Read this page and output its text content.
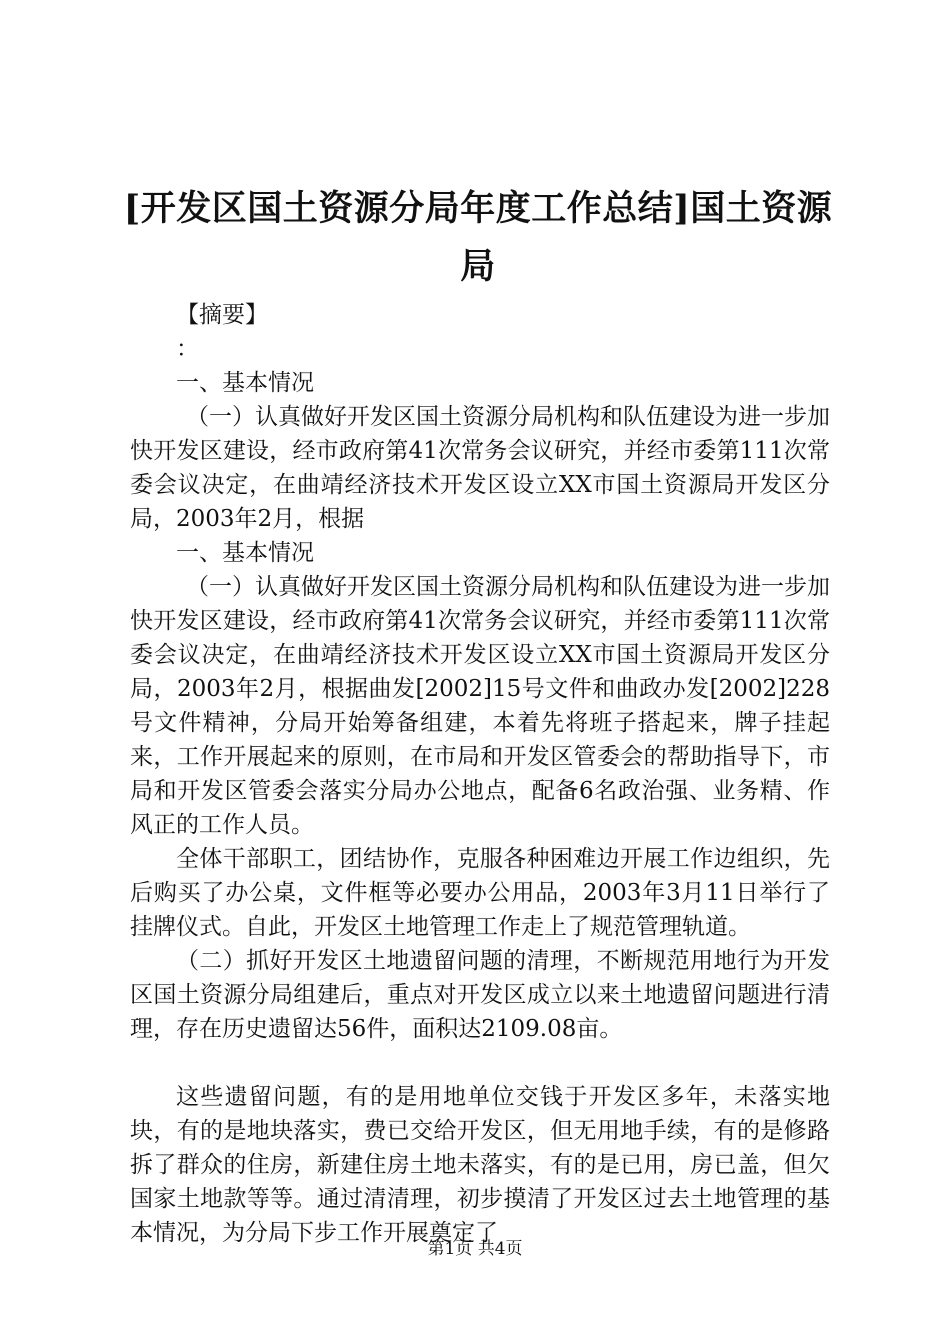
[开发区国土资源分局年度工作总结]国土资源局

【摘要】

：

一、基本情况

（一）认真做好开发区国土资源分局机构和队伍建设为进一步加快开发区建设，经市政府第41次常务会议研究，并经市委第111次常委会议决定，在曲靖经济技术开发区设立XX市国土资源局开发区分局，2003年2月，根据

一、基本情况

（一）认真做好开发区国土资源分局机构和队伍建设为进一步加快开发区建设，经市政府第41次常务会议研究，并经市委第111次常委会议决定，在曲靖经济技术开发区设立XX市国土资源局开发区分局，2003年2月，根据曲发[2002]15号文件和曲政办发[2002]228号文件精神，分局开始筹备组建，本着先将班子搭起来，牌子挂起来，工作开展起来的原则，在市局和开发区管委会的帮助指导下，市局和开发区管委会落实分局办公地点，配备6名政治强、业务精、作风正的工作人员。

全体干部职工，团结协作，克服各种困难边开展工作边组织，先后购买了办公桌，文件框等必要办公用品，2003年3月11日举行了挂牌仪式。自此，开发区土地管理工作走上了规范管理轨道。

（二）抓好开发区土地遗留问题的清理，不断规范用地行为开发区国土资源分局组建后，重点对开发区成立以来土地遗留问题进行清理，存在历史遗留达56件，面积达2109.08亩。

这些遗留问题，有的是用地单位交钱于开发区多年，未落实地块，有的是地块落实，费已交给开发区，但无用地手续，有的是修路拆了群众的住房，新建住房土地未落实，有的是已用，房已盖，但欠国家土地款等等。通过清清理，初步摸清了开发区过去土地管理的基本情况，为分局下步工作开展奠定了

第1页 共4页
